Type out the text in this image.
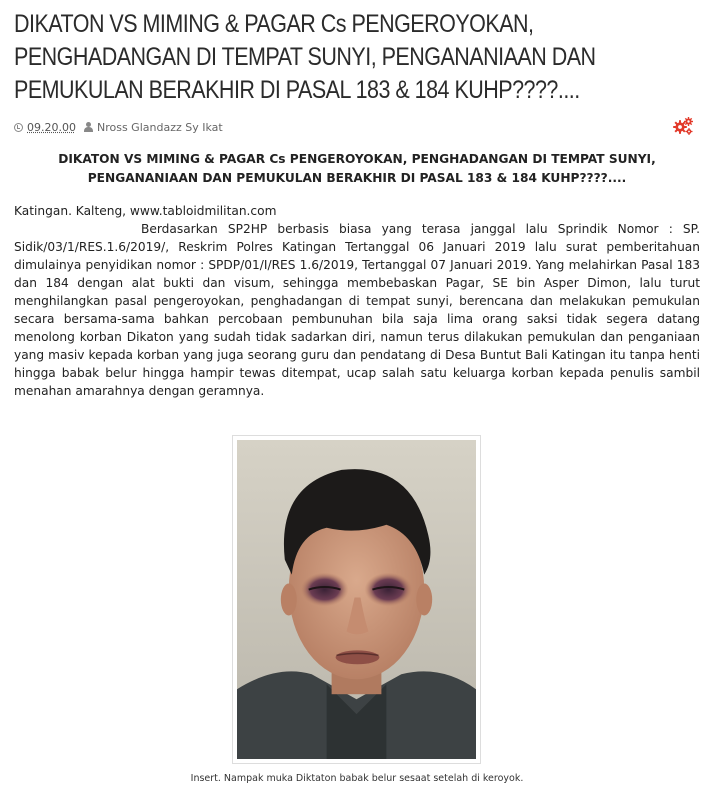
DIKATON VS MIMING & PAGAR Cs PENGEROYOKAN, PENGHADANGAN DI TEMPAT SUNYI, PENGANANIAAN DAN PEMUKULAN BERAKHIR DI PASAL 183 & 184 KUHP????....
09.20.00 Nross Glandazz Sy Ikat
DIKATON VS MIMING & PAGAR Cs PENGEROYOKAN, PENGHADANGAN DI TEMPAT SUNYI, PENGANANIAAN DAN PEMUKULAN BERAKHIR DI PASAL 183 & 184 KUHP????....
Katingan. Kalteng, www.tabloidmilitan.com
Berdasarkan SP2HP berbasis biasa yang terasa janggal lalu Sprindik Nomor : SP. Sidik/03/1/RES.1.6/2019/, Reskrim Polres Katingan Tertanggal 06 Januari 2019 lalu surat pemberitahuan dimulainya penyidikan nomor : SPDP/01/I/RES 1.6/2019, Tertanggal 07 Januari 2019. Yang melahirkan Pasal 183 dan 184 dengan alat bukti dan visum, sehingga membebaskan Pagar, SE bin Asper Dimon, lalu turut menghilangkan pasal pengeroyokan, penghadangan di tempat sunyi, berencana dan melakukan pemukulan secara bersama-sama bahkan percobaan pembunuhan bila saja lima orang saksi tidak segera datang menolong korban Dikaton yang sudah tidak sadarkan diri, namun terus dilakukan pemukulan dan penganiaan yang masiv kepada korban yang juga seorang guru dan pendatang di Desa Buntut Bali Katingan itu tanpa henti hingga babak belur hingga hampir tewas ditempat, ucap salah satu keluarga korban kepada penulis sambil menahan amarahnya dengan geramnya.
Insert. Nampak muka Diktaton babak belur sesaat setelah di keroyok.
